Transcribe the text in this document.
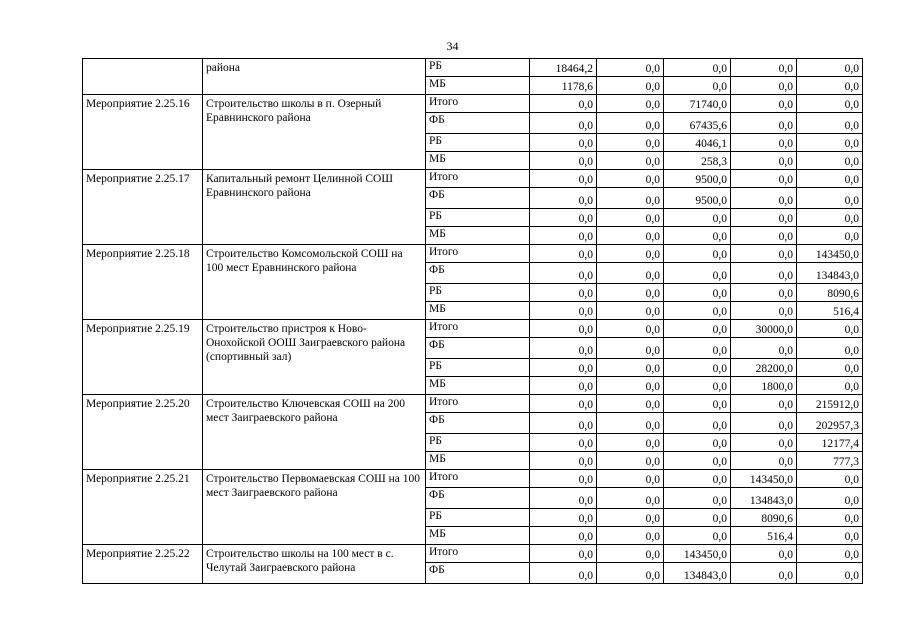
34
	района	РБ	18464,2	0,0	0,0	0,0	0,0
		МБ	1178,6	0,0	0,0	0,0	0,0
Мероприятие 2.25.16	Строительство школы в п. Озерный Еравнинского района	Итого	0,0	0,0	71740,0	0,0	0,0
		ФБ	0,0	0,0	67435,6	0,0	0,0
		РБ	0,0	0,0	4046,1	0,0	0,0
		МБ	0,0	0,0	258,3	0,0	0,0
Мероприятие 2.25.17	Капитальный ремонт Целинной СОШ Еравнинского района	Итого	0,0	0,0	9500,0	0,0	0,0
		ФБ	0,0	0,0	9500,0	0,0	0,0
		РБ	0,0	0,0	0,0	0,0	0,0
		МБ	0,0	0,0	0,0	0,0	0,0
Мероприятие 2.25.18	Строительство Комсомольской СОШ на 100 мест Еравнинского района	Итого	0,0	0,0	0,0	0,0	143450,0
		ФБ	0,0	0,0	0,0	0,0	134843,0
		РБ	0,0	0,0	0,0	0,0	8090,6
		МБ	0,0	0,0	0,0	0,0	516,4
Мероприятие 2.25.19	Строительство пристроя к Ново-Онохойской ООШ Заиграевского района (спортивный зал)	Итого	0,0	0,0	0,0	30000,0	0,0
		ФБ	0,0	0,0	0,0	0,0	0,0
		РБ	0,0	0,0	0,0	28200,0	0,0
		МБ	0,0	0,0	0,0	1800,0	0,0
Мероприятие 2.25.20	Строительство Ключевская СОШ на 200 мест Заиграевского района	Итого	0,0	0,0	0,0	0,0	215912,0
		ФБ	0,0	0,0	0,0	0,0	202957,3
		РБ	0,0	0,0	0,0	0,0	12177,4
		МБ	0,0	0,0	0,0	0,0	777,3
Мероприятие 2.25.21	Строительство Первомаевская СОШ на 100 мест Заиграевского района	Итого	0,0	0,0	0,0	143450,0	0,0
		ФБ	0,0	0,0	0,0	134843,0	0,0
		РБ	0,0	0,0	0,0	8090,6	0,0
		МБ	0,0	0,0	0,0	516,4	0,0
Мероприятие 2.25.22	Строительство школы на 100 мест в с. Челутай Заиграевского района	Итого	0,0	0,0	143450,0	0,0	0,0
		ФБ	0,0	0,0	134843,0	0,0	0,0
